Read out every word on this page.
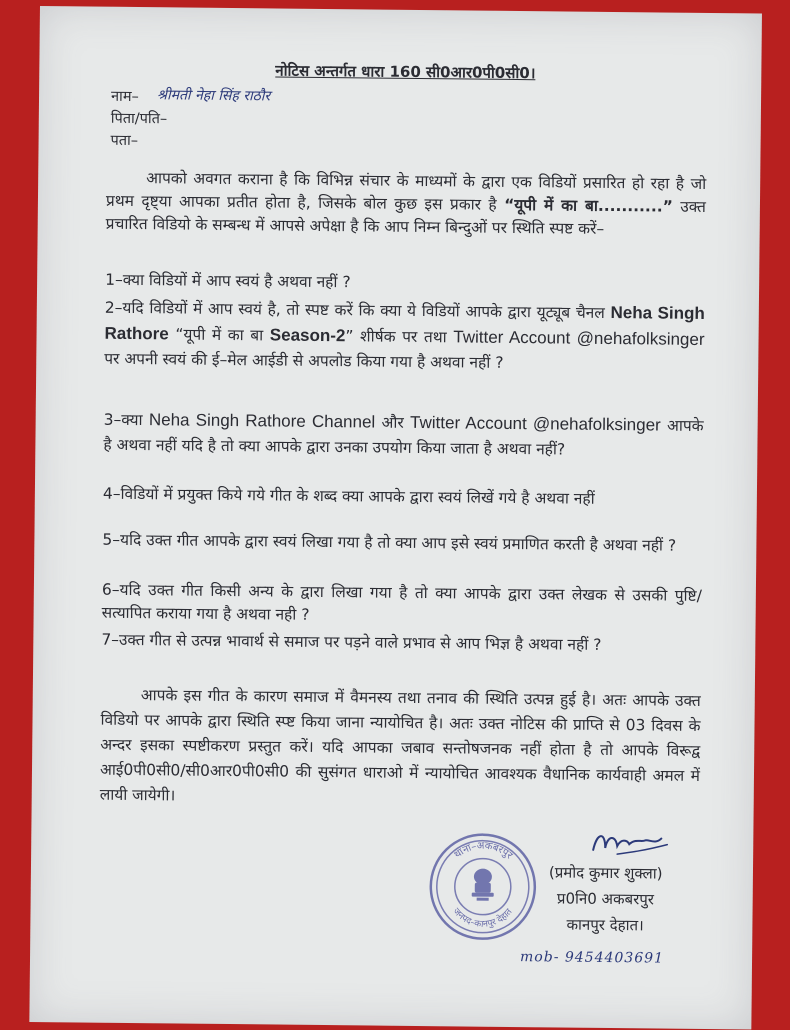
नोटिस अन्तर्गत धारा 160 सी0आर0पी0सी0।

नाम– श्रीमती नेहा सिंह राठौर

पिता/पति–

पता–

आपको अवगत कराना है कि विभिन्न संचार के माध्यमों के द्वारा एक विडियों प्रसारित हो रहा है जो प्रथम दृष्ट्या आपका प्रतीत होता है, जिसके बोल कुछ इस प्रकार है “यूपी में का बा...........” उक्त प्रचारित विडियो के सम्बन्ध में आपसे अपेक्षा है कि आप निम्न बिन्दुओं पर स्थिति स्पष्ट करें–

1–क्या विडियों में आप स्वयं है अथवा नहीं ?

2–यदि विडियों में आप स्वयं है, तो स्पष्ट करें कि क्या ये विडियों आपके द्वारा यूट्यूब चैनल Neha Singh Rathore “यूपी में का बा Season-2” शीर्षक पर तथा Twitter Account @nehafolksinger पर अपनी स्वयं की ई–मेल आईडी से अपलोड किया गया है अथवा नहीं ?

3–क्या Neha Singh Rathore Channel और Twitter Account @nehafolksinger आपके है अथवा नहीं यदि है तो क्या आपके द्वारा उनका उपयोग किया जाता है अथवा नहीं?

4–विडियों में प्रयुक्त किये गये गीत के शब्द क्या आपके द्वारा स्वयं लिखें गये है अथवा नहीं

5–यदि उक्त गीत आपके द्वारा स्वयं लिखा गया है तो क्या आप इसे स्वयं प्रमाणित करती है अथवा नहीं ?

6–यदि उक्त गीत किसी अन्य के द्वारा लिखा गया है तो क्या आपके द्वारा उक्त लेखक से उसकी पुष्टि/सत्यापित कराया गया है अथवा नही ?

7–उक्त गीत से उत्पन्न भावार्थ से समाज पर पड़ने वाले प्रभाव से आप भिज्ञ है अथवा नहीं ?

आपके इस गीत के कारण समाज में वैमनस्य तथा तनाव की स्थिति उत्पन्न हुई है। अतः आपके उक्त विडियो पर आपके द्वारा स्थिति स्प्ष्ट किया जाना न्यायोचित है। अतः उक्त नोटिस की प्राप्ति से 03 दिवस के अन्दर इसका स्पष्टीकरण प्रस्तुत करें। यदि आपका जबाव सन्तोषजनक नहीं होता है तो आपके विरूद्व आई0पी0सी0/सी0आर0पी0सी0 की सुसंगत धाराओ में न्यायोचित आवश्यक वैधानिक कार्यवाही अमल में लायी जायेगी।

थाना–अकबरपुर
जनपद–कानपुर देहात
(प्रमोद कुमार शुक्ला)
प्र0नि0 अकबरपुर
कानपुर देहात।
mob- 9454403691
